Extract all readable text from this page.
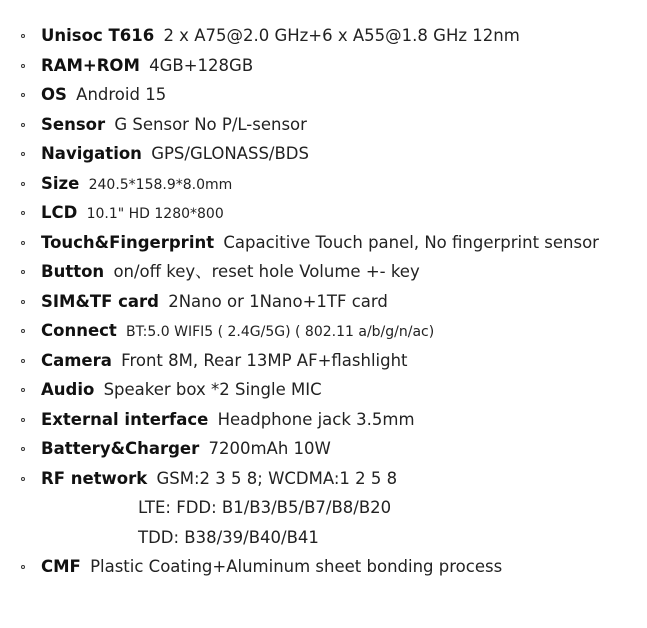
Unisoc T616 2 x A75@2.0 GHz+6 x A55@1.8 GHz 12nm
RAM+ROM 4GB+128GB
OS Android 15
Sensor G Sensor No P/L-sensor
Navigation GPS/GLONASS/BDS
Size 240.5*158.9*8.0mm
LCD 10.1" HD 1280*800
Touch&Fingerprint Capacitive Touch panel, No fingerprint sensor
Button on/off key、reset hole Volume +- key
SIM&TF card 2Nano or 1Nano+1TF card
Connect BT:5.0 WIFI5 ( 2.4G/5G) ( 802.11 a/b/g/n/ac)
Camera Front 8M, Rear 13MP AF+flashlight
Audio Speaker box *2 Single MIC
External interface Headphone jack 3.5mm
Battery&Charger 7200mAh 10W
RF network GSM:2 3 5 8; WCDMA:1 2 5 8
LTE: FDD: B1/B3/B5/B7/B8/B20
TDD: B38/39/B40/B41
CMF Plastic Coating+Aluminum sheet bonding process
